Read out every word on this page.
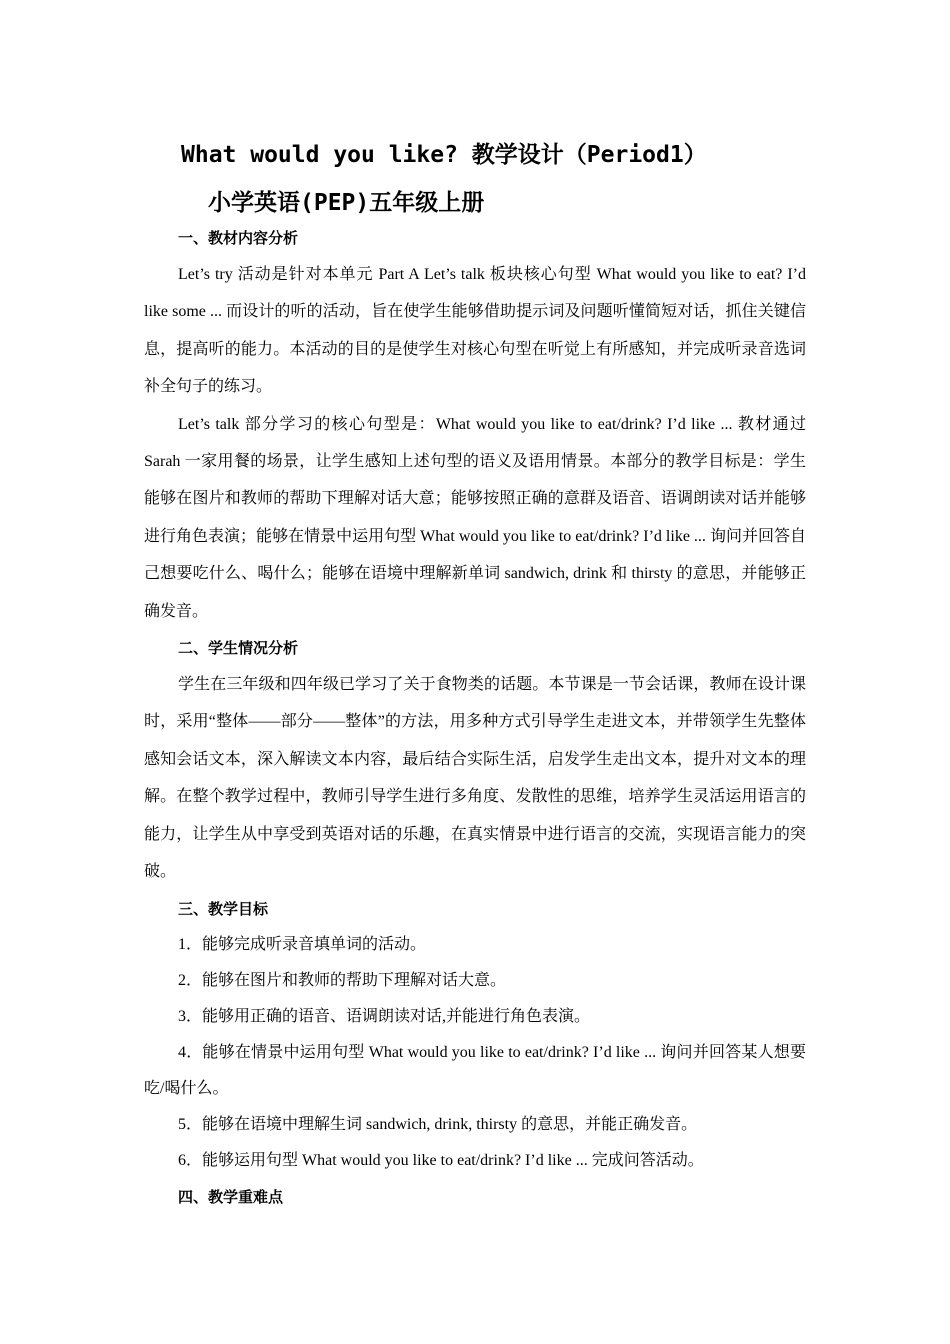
What would you like? 教学设计（Period1）
小学英语(PEP)五年级上册
一、教材内容分析

Let’s try 活动是针对本单元 Part A Let’s talk 板块核心句型 What would you like to eat? I’d like some ... 而设计的听的活动，旨在使学生能够借助提示词及问题听懂简短对话，抓住关键信息，提高听的能力。本活动的目的是使学生对核心句型在听觉上有所感知，并完成听录音选词补全句子的练习。

Let’s talk 部分学习的核心句型是：What would you like to eat/drink? I’d like ... 教材通过 Sarah 一家用餐的场景，让学生感知上述句型的语义及语用情景。本部分的教学目标是：学生能够在图片和教师的帮助下理解对话大意；能够按照正确的意群及语音、语调朗读对话并能够进行角色表演；能够在情景中运用句型 What would you like to eat/drink? I’d like ... 询问并回答自己想要吃什么、喝什么；能够在语境中理解新单词 sandwich, drink 和 thirsty 的意思，并能够正确发音。

二、学生情况分析

学生在三年级和四年级已学习了关于食物类的话题。本节课是一节会话课，教师在设计课时，采用“整体——部分——整体”的方法，用多种方式引导学生走进文本，并带领学生先整体感知会话文本，深入解读文本内容，最后结合实际生活，启发学生走出文本，提升对文本的理解。在整个教学过程中，教师引导学生进行多角度、发散性的思维，培养学生灵活运用语言的能力，让学生从中享受到英语对话的乐趣，在真实情景中进行语言的交流，实现语言能力的突破。

三、教学目标

1．能够完成听录音填单词的活动。

2．能够在图片和教师的帮助下理解对话大意。

3．能够用正确的语音、语调朗读对话,并能进行角色表演。

4．能够在情景中运用句型 What would you like to eat/drink? I’d like ... 询问并回答某人想要吃/喝什么。

5．能够在语境中理解生词 sandwich, drink, thirsty 的意思，并能正确发音。

6．能够运用句型 What would you like to eat/drink? I’d like ... 完成问答活动。

四、教学重难点
